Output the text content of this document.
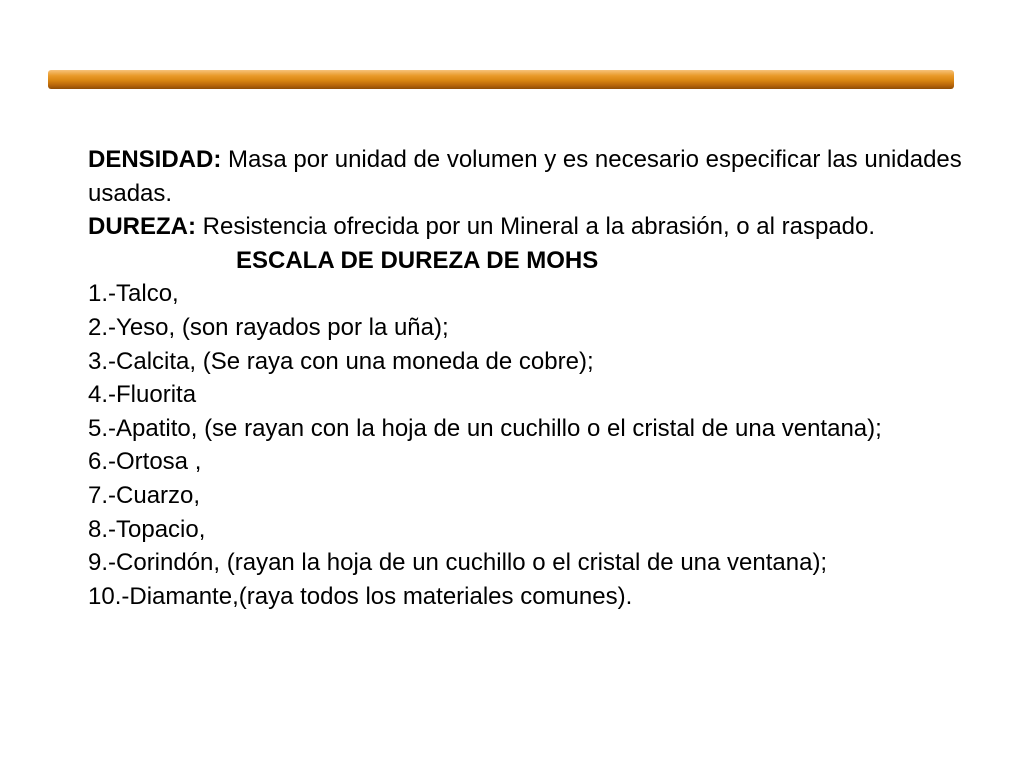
DENSIDAD: Masa por unidad de volumen y es necesario especificar las unidades usadas.

DUREZA: Resistencia ofrecida por un Mineral a la abrasión, o al raspado.

ESCALA DE DUREZA DE MOHS

1.-Talco,

2.-Yeso, (son rayados por la uña);

3.-Calcita, (Se raya con una moneda de cobre);

4.-Fluorita

5.-Apatito, (se rayan con la hoja de un cuchillo o el cristal de una ventana);

6.-Ortosa ,

7.-Cuarzo,

8.-Topacio,

9.-Corindón, (rayan la hoja de un cuchillo o el cristal de una ventana);

10.-Diamante,(raya todos los materiales comunes).
